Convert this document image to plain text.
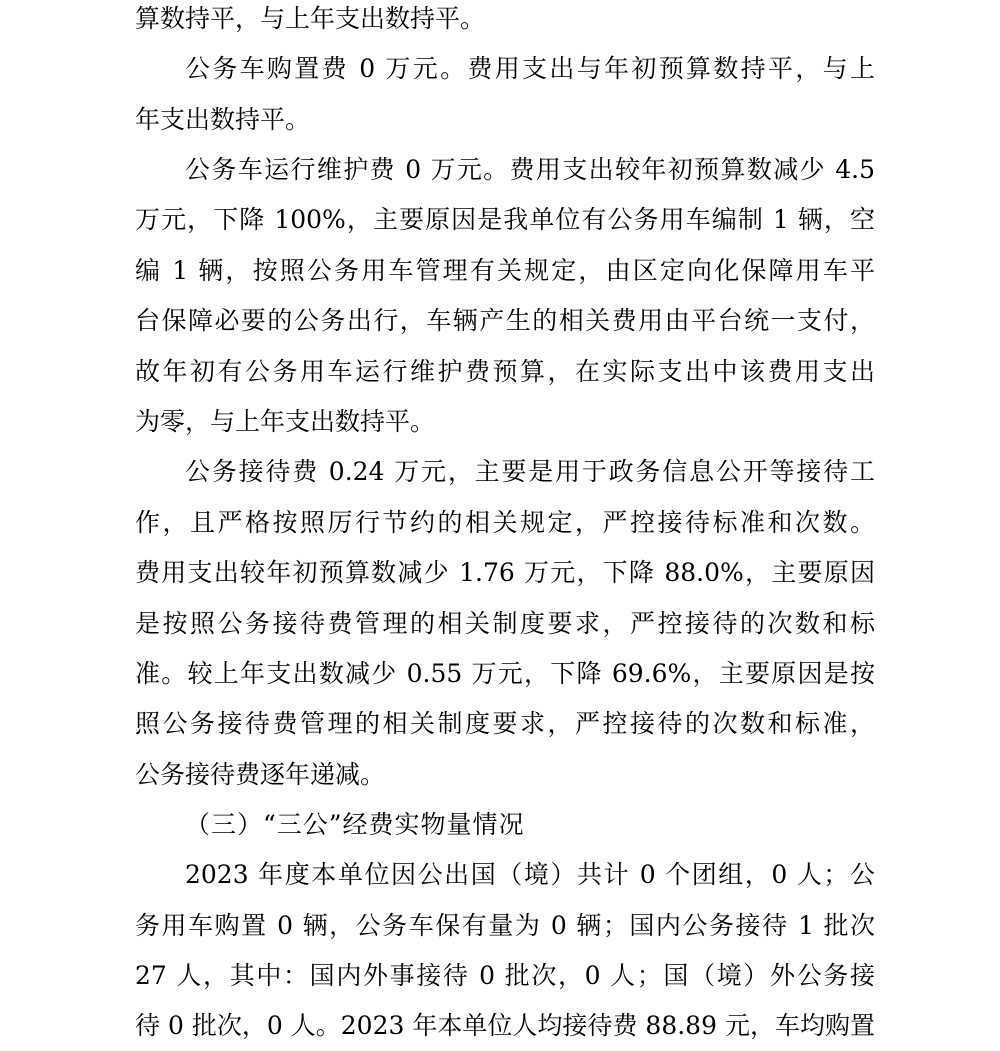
算数持平，与上年支出数持平。
公务车购置费 0 万元。费用支出与年初预算数持平，与上
年支出数持平。
公务车运行维护费 0 万元。费用支出较年初预算数减少 4.5
万元，下降 100%，主要原因是我单位有公务用车编制 1 辆，空
编 1 辆，按照公务用车管理有关规定，由区定向化保障用车平
台保障必要的公务出行，车辆产生的相关费用由平台统一支付，
故年初有公务用车运行维护费预算，在实际支出中该费用支出
为零，与上年支出数持平。
公务接待费 0.24 万元，主要是用于政务信息公开等接待工
作，且严格按照厉行节约的相关规定，严控接待标准和次数。
费用支出较年初预算数减少 1.76 万元，下降 88.0%，主要原因
是按照公务接待费管理的相关制度要求，严控接待的次数和标
准。较上年支出数减少 0.55 万元，下降 69.6%，主要原因是按
照公务接待费管理的相关制度要求，严控接待的次数和标准，
公务接待费逐年递减。
（三）“三公”经费实物量情况
2023 年度本单位因公出国（境）共计 0 个团组，0 人；公
务用车购置 0 辆，公务车保有量为 0 辆；国内公务接待 1 批次
27 人，其中：国内外事接待 0 批次，0 人；国（境）外公务接
待 0 批次，0 人。2023 年本单位人均接待费 88.89 元，车均购置
